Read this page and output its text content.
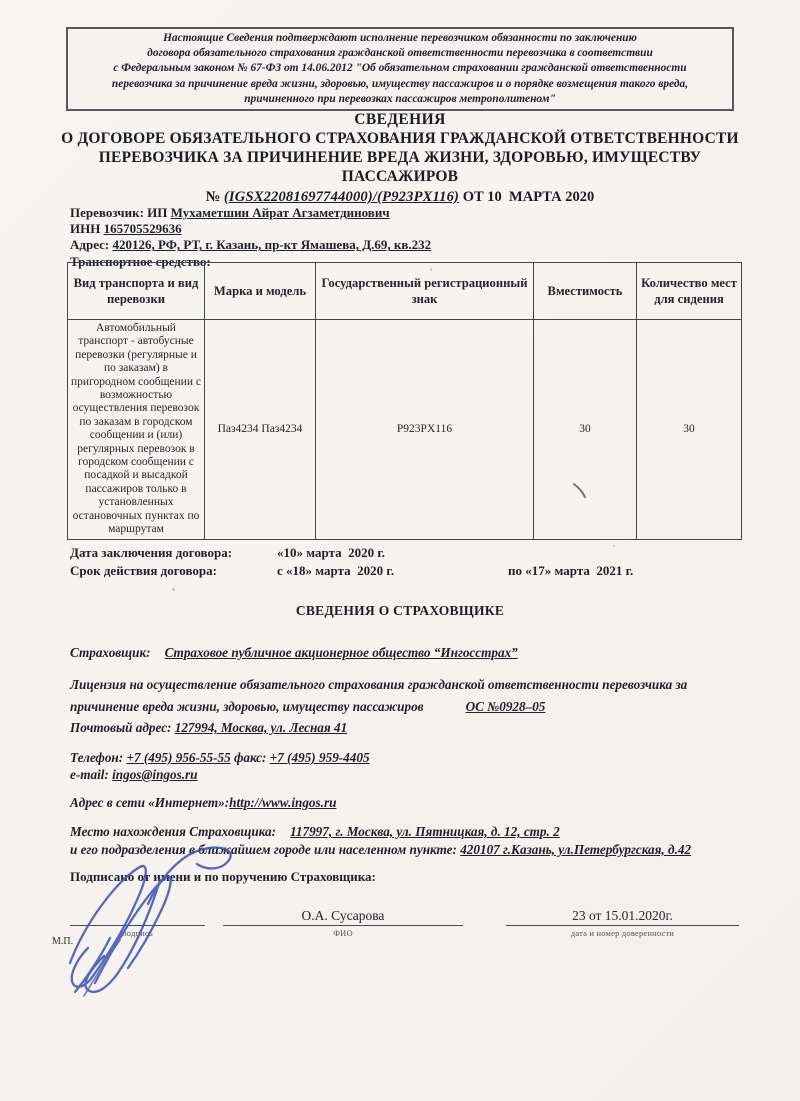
Настоящие Сведения подтверждают исполнение перевозчиком обязанности по заключению
договора обязательного страхования гражданской ответственности перевозчика в соответствии
с Федеральным законом № 67-ФЗ от 14.06.2012 "Об обязательном страховании гражданской ответственности
перевозчика за причинение вреда жизни, здоровью, имуществу пассажиров и о порядке возмещения такого вреда,
причиненного при перевозках пассажиров метрополитеном"
СВЕДЕНИЯ
О ДОГОВОРЕ ОБЯЗАТЕЛЬНОГО СТРАХОВАНИЯ ГРАЖДАНСКОЙ ОТВЕТСТВЕННОСТИ
ПЕРЕВОЗЧИКА ЗА ПРИЧИНЕНИЕ ВРЕДА ЖИЗНИ, ЗДОРОВЬЮ, ИМУЩЕСТВУ
ПАССАЖИРОВ
№ (IGSX22081697744000)/(P923PX116) ОТ 10  МАРТА 2020
Перевозчик: ИП Мухаметшин Айрат Агзаметдинович
ИНН 165705529636
Адрес: 420126, РФ, РТ, г. Казань, пр-кт Ямашева, Д.69, кв.232
Транспортное средство:
Вид транспорта и вид перевозки	Марка и модель	Государственный регистрационный знак	Вместимость	Количество мест для сидения
Автомобильный транспорт - автобусные перевозки (регулярные и по заказам) в пригородном сообщении с возможностью осуществления перевозок по заказам в городском сообщении и (или) регулярных перевозок в городском сообщении с посадкой и высадкой пассажиров только в установленных остановочных пунктах по маршрутам	Паз4234 Паз4234	P923PX116	30	30
Дата заключения договора:	«10» марта  2020 г.
Срок действия договора:	с «18» марта  2020 г.	по «17» марта  2021 г.
СВЕДЕНИЯ О СТРАХОВЩИКЕ
Страховщик: Страховое публичное акционерное общество “Ингосстрах”
Лицензия на осуществление обязательного страхования гражданской ответственности перевозчика за причинение вреда жизни, здоровью, имуществу пассажиров	ОС №0928–05
Почтовый адрес: 127994, Москва, ул. Лесная 41
Телефон: +7 (495) 956-55-55 факс: +7 (495) 959-4405
e-mail: ingos@ingos.ru
Адрес в сети «Интернет»:http://www.ingos.ru
Место нахождения Страховщика: 117997, г. Москва, ул. Пятницкая, д. 12, стр. 2
и его подразделения в ближайшем городе или населенном пункте: 420107 г.Казань, ул.Петербургская, д.42
Подписано от имени и по поручению Страховщика:
подпись
М.П.
О.А. Сусарова
ФИО
23 от 15.01.2020г.
дата и номер доверенности
